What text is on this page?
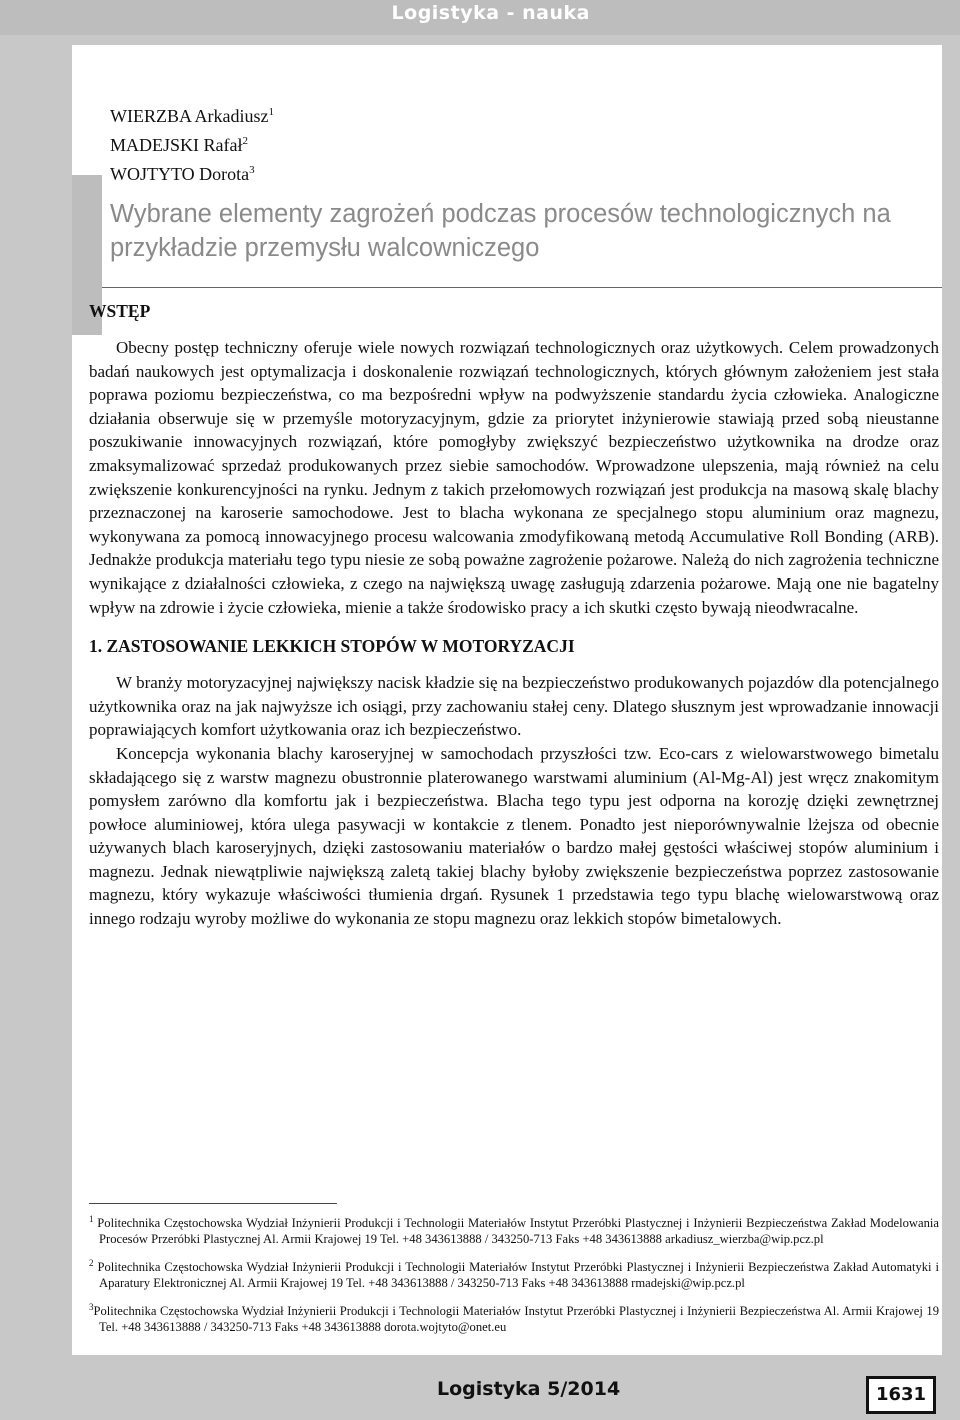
Logistyka - nauka
WIERZBA Arkadiusz$^1$
MADEJSKI Rafał$^2$
WOJTYTO Dorota$^3$
Wybrane elementy zagrożeń podczas procesów technologicznych na przykładzie przemysłu walcowniczego

WSTĘP

Obecny postęp techniczny oferuje wiele nowych rozwiązań technologicznych oraz użytkowych. Celem prowadzonych badań naukowych jest optymalizacja i doskonalenie rozwiązań technologicznych, których głównym założeniem jest stała poprawa poziomu bezpieczeństwa, co ma bezpośredni wpływ na podwyższenie standardu życia człowieka. Analogiczne działania obserwuje się w przemyśle motoryzacyjnym, gdzie za priorytet inżynierowie stawiają przed sobą nieustanne poszukiwanie innowacyjnych rozwiązań, które pomogłyby zwiększyć bezpieczeństwo użytkownika na drodze oraz zmaksymalizować sprzedaż produkowanych przez siebie samochodów. Wprowadzone ulepszenia, mają również na celu zwiększenie konkurencyjności na rynku. Jednym z takich przełomowych rozwiązań jest produkcja na masową skalę blachy przeznaczonej na karoserie samochodowe. Jest to blacha wykonana ze specjalnego stopu aluminium oraz magnezu, wykonywana za pomocą innowacyjnego procesu walcowania zmodyfikowaną metodą Accumulative Roll Bonding (ARB). Jednakże produkcja materiału tego typu niesie ze sobą poważne zagrożenie pożarowe. Należą do nich zagrożenia techniczne wynikające z działalności człowieka, z czego na największą uwagę zasługują zdarzenia pożarowe. Mają one nie bagatelny wpływ na zdrowie i życie człowieka, mienie a także środowisko pracy a ich skutki często bywają nieodwracalne.

1. ZASTOSOWANIE LEKKICH STOPÓW W MOTORYZACJI

W branży motoryzacyjnej największy nacisk kładzie się na bezpieczeństwo produkowanych pojazdów dla potencjalnego użytkownika oraz na jak najwyższe ich osiągi, przy zachowaniu stałej ceny. Dlatego słusznym jest wprowadzanie innowacji poprawiających komfort użytkowania oraz ich bezpieczeństwo.

Koncepcja wykonania blachy karoseryjnej w samochodach przyszłości tzw. Eco-cars z wielowarstwowego bimetalu składającego się z warstw magnezu obustronnie platerowanego warstwami aluminium (Al-Mg-Al) jest wręcz znakomitym pomysłem zarówno dla komfortu jak i bezpieczeństwa. Blacha tego typu jest odporna na korozję dzięki zewnętrznej powłoce aluminiowej, która ulega pasywacji w kontakcie z tlenem. Ponadto jest nieporównywalnie lżejsza od obecnie używanych blach karoseryjnych, dzięki zastosowaniu materiałów o bardzo małej gęstości właściwej stopów aluminium i magnezu. Jednak niewątpliwie największą zaletą takiej blachy byłoby zwiększenie bezpieczeństwa poprzez zastosowanie magnezu, który wykazuje właściwości tłumienia drgań. Rysunek 1 przedstawia tego typu blachę wielowarstwową oraz innego rodzaju wyroby możliwe do wykonania ze stopu magnezu oraz lekkich stopów bimetalowych.

$^1$ Politechnika Częstochowska Wydział Inżynierii Produkcji i Technologii Materiałów Instytut Przeróbki Plastycznej i Inżynierii Bezpieczeństwa Zakład Modelowania Procesów Przeróbki Plastycznej Al. Armii Krajowej 19 Tel. +48 343613888 / 343250-713 Faks +48 343613888 arkadiusz_wierzba@wip.pcz.pl

$^2$ Politechnika Częstochowska Wydział Inżynierii Produkcji i Technologii Materiałów Instytut Przeróbki Plastycznej i Inżynierii Bezpieczeństwa Zakład Automatyki i Aparatury Elektronicznej Al. Armii Krajowej 19 Tel. +48 343613888 / 343250-713 Faks +48 343613888 rmadejski@wip.pcz.pl

$^3$Politechnika Częstochowska Wydział Inżynierii Produkcji i Technologii Materiałów Instytut Przeróbki Plastycznej i Inżynierii Bezpieczeństwa Al. Armii Krajowej 19 Tel. +48 343613888 / 343250-713 Faks +48 343613888 dorota.wojtyto@onet.eu

Logistyka 5/2014	1631
